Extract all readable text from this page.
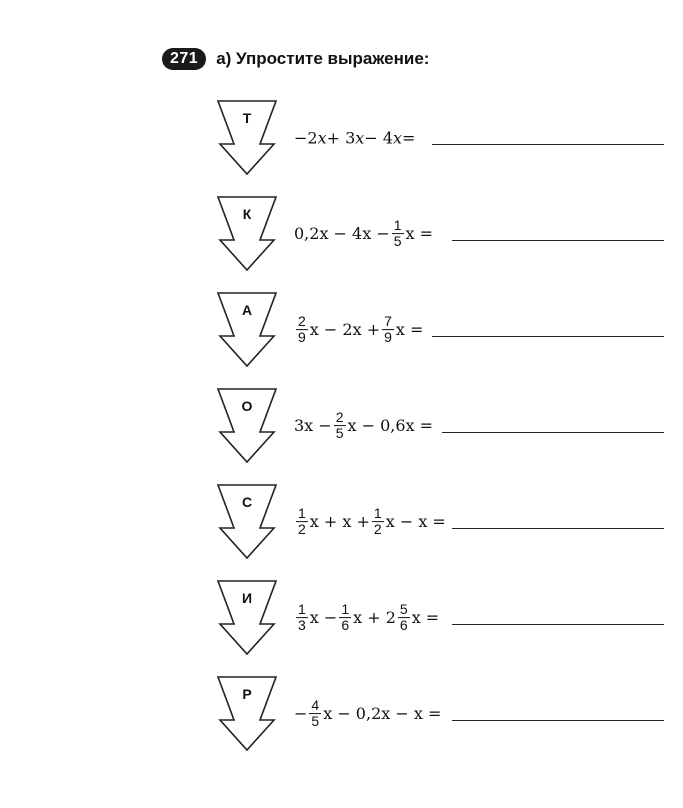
271	а) Упростите выражение:
Т
−2 x + 3 x − 4 x =
К
$0,2x - 4x - \frac{1}{5}$ x =
А
$\frac{2}{9}$ $x - 2x + \frac{7}{9}$ x =
О
$3x - \frac{2}{5}$ x − 0,6x =
С
$\frac{1}{2}$ $x + x + \frac{1}{2}$ x − x =
И
$\frac{1}{3}$ $x - \frac{1}{6}$ $x + 2 \frac{5}{6}$ x =
Р
− $\frac{4}{5}$ x − 0,2x − x =
